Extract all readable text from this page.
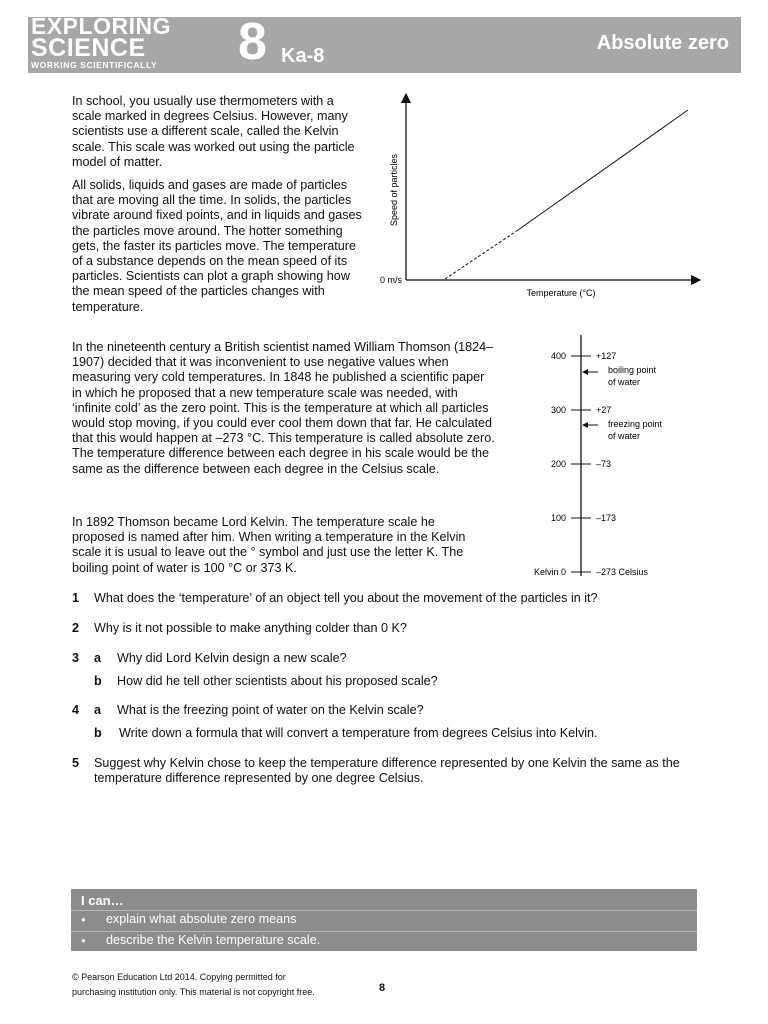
EXPLORING
SCIENCE
WORKING SCIENTIFICALLY 8 Ka-8
Absolute zero

In school, you usually use thermometers with a scale marked in degrees Celsius. However, many scientists use a different scale, called the Kelvin scale. This scale was worked out using the particle model of matter.

All solids, liquids and gases are made of particles that are moving all the time. In solids, the particles vibrate around fixed points, and in liquids and gases the particles move around. The hotter something gets, the faster its particles move. The temperature of a substance depends on the mean speed of its particles. Scientists can plot a graph showing how the mean speed of the particles changes with temperature.

In the nineteenth century a British scientist named William Thomson (1824–1907) decided that it was inconvenient to use negative values when measuring very cold temperatures. In 1848 he published a scientific paper in which he proposed that a new temperature scale was needed, with ‘infinite cold’ as the zero point. This is the temperature at which all particles would stop moving, if you could ever cool them down that far. He calculated that this would happen at –273 °C. This temperature is called absolute zero. The temperature difference between each degree in his scale would be the same as the difference between each degree in the Celsius scale.

In 1892 Thomson became Lord Kelvin. The temperature scale he proposed is named after him. When writing a temperature in the Kelvin scale it is usual to leave out the ° symbol and just use the letter K. The boiling point of water is 100 °C or 373 K.

Speed of particles
Temperature (°C)
0 m/s
400	+127
300	+27
200	–73
100	–173
Kelvin 0	–273 Celsius
boiling point
of water
freezing point
of water
1 What does the ‘temperature’ of an object tell you about the movement of the particles in it?
2 Why is it not possible to make anything colder than 0 K?
3 a Why did Lord Kelvin design a new scale?
b How did he tell other scientists about his proposed scale?
4 a What is the freezing point of water on the Kelvin scale?
b Write down a formula that will convert a temperature from degrees Celsius into Kelvin.
5 Suggest why Kelvin chose to keep the temperature difference represented by one Kelvin the same as the temperature difference represented by one degree Celsius.
I can…
● explain what absolute zero means
● describe the Kelvin temperature scale.
© Pearson Education Ltd 2014. Copying permitted for
purchasing institution only. This material is not copyright free.	8
